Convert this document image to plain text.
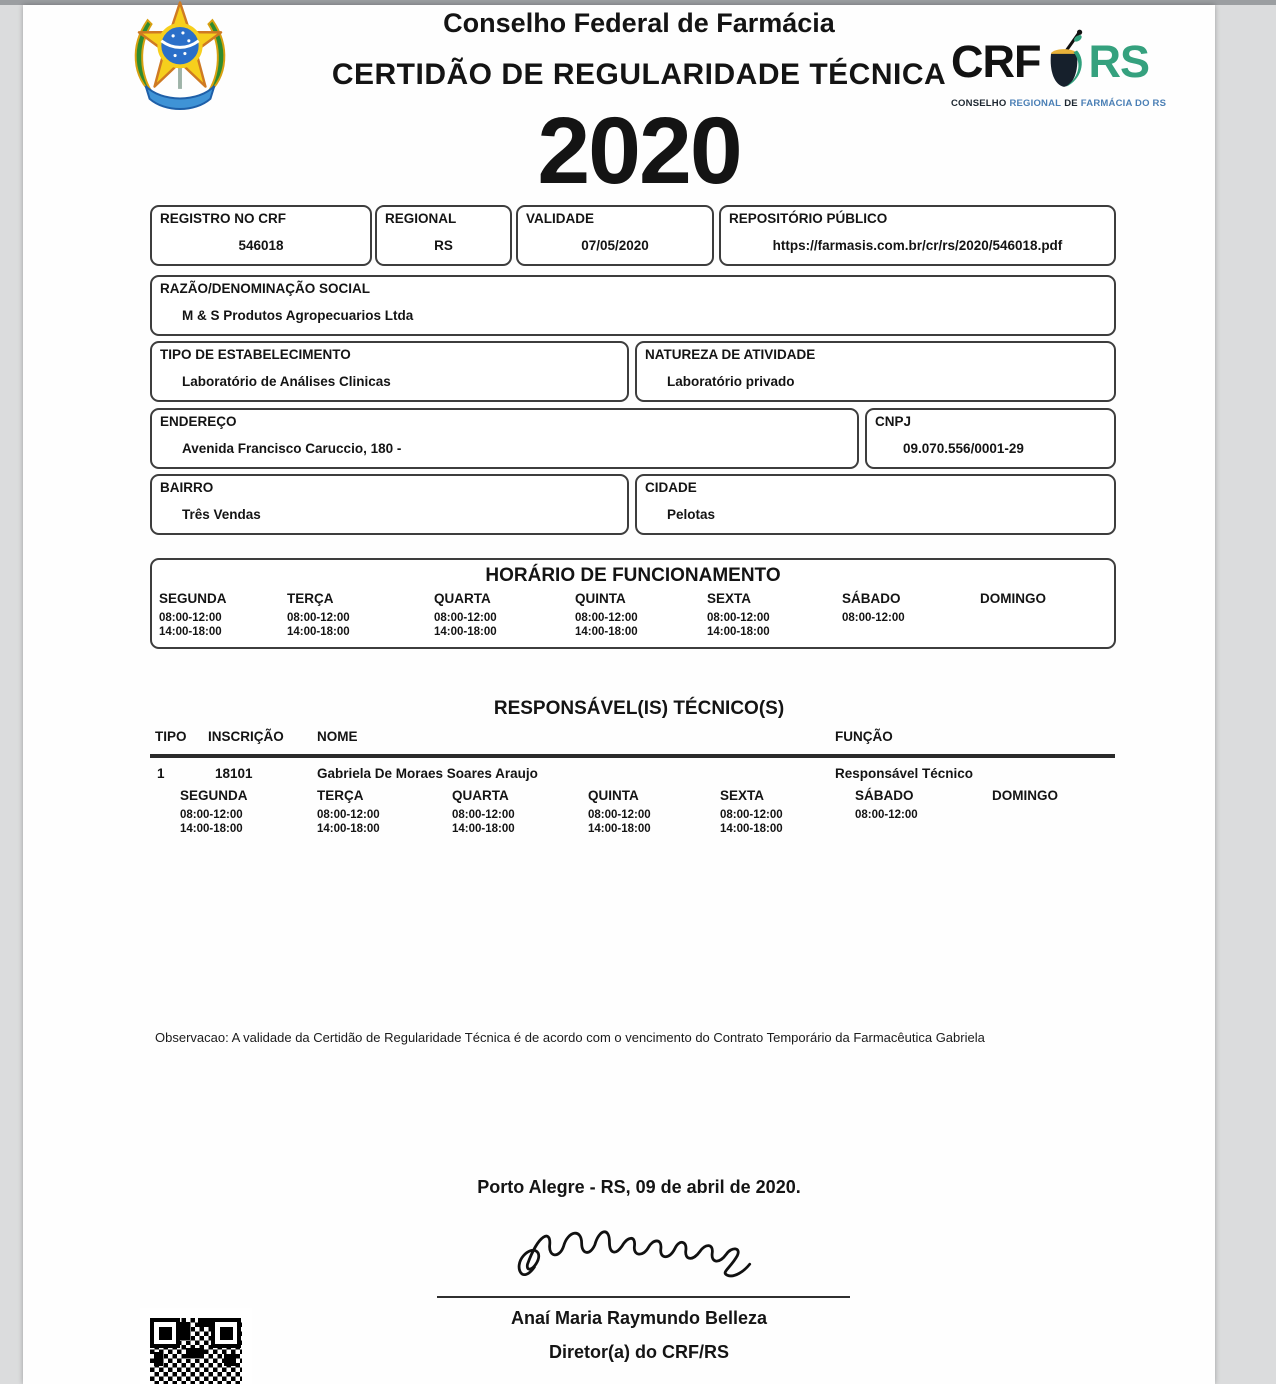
Conselho Federal de Farmácia
CERTIDÃO DE REGULARIDADE TÉCNICA
2020
CRF RS
CONSELHO REGIONAL DE FARMÁCIA DO RS
REGISTRO NO CRF
546018
REGIONAL
RS
VALIDADE
07/05/2020
REPOSITÓRIO PÚBLICO
https://farmasis.com.br/cr/rs/2020/546018.pdf
RAZÃO/DENOMINAÇÃO SOCIAL
M & S Produtos Agropecuarios Ltda
TIPO DE ESTABELECIMENTO
Laboratório de Análises Clinicas
NATUREZA DE ATIVIDADE
Laboratório privado
ENDEREÇO
Avenida Francisco Caruccio, 180 -
CNPJ
09.070.556/0001-29
BAIRRO
Três Vendas
CIDADE
Pelotas
HORÁRIO DE FUNCIONAMENTO
SEGUNDA
08:00-12:00
14:00-18:00
TERÇA
08:00-12:00
14:00-18:00
QUARTA
08:00-12:00
14:00-18:00
QUINTA
08:00-12:00
14:00-18:00
SEXTA
08:00-12:00
14:00-18:00
SÁBADO
08:00-12:00
DOMINGO
RESPONSÁVEL(IS) TÉCNICO(S)
TIPO INSCRIÇÃO NOME	FUNÇÃO
1	18101	Gabriela De Moraes Soares Araujo	Responsável Técnico
SEGUNDA
08:00-12:00
14:00-18:00
TERÇA
08:00-12:00
14:00-18:00
QUARTA
08:00-12:00
14:00-18:00
QUINTA
08:00-12:00
14:00-18:00
SEXTA
08:00-12:00
14:00-18:00
SÁBADO
08:00-12:00
DOMINGO
Observacao: A validade da Certidão de Regularidade Técnica é de acordo com o vencimento do Contrato Temporário da Farmacêutica Gabriela
Porto Alegre - RS, 09 de abril de 2020.
Anaí Maria Raymundo Belleza
Diretor(a) do CRF/RS
